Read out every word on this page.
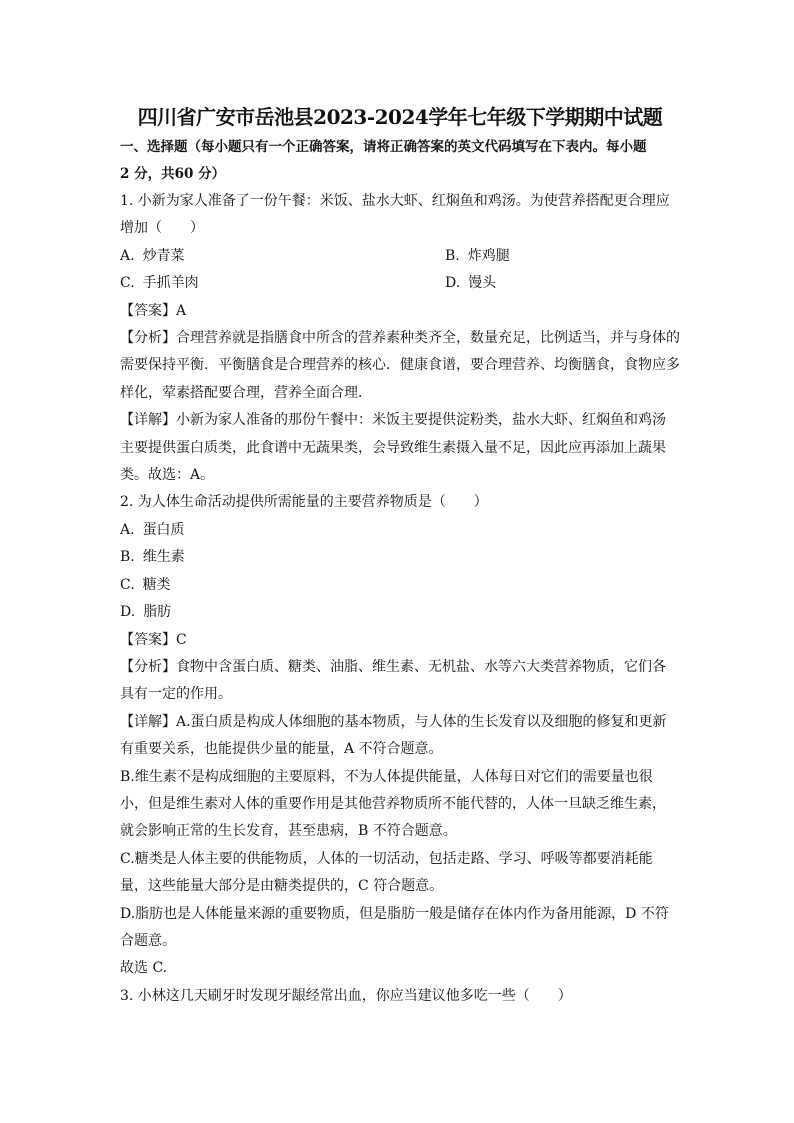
四川省广安市岳池县2023-2024学年七年级下学期期中试题

一、选择题（每小题只有一个正确答案，请将正确答案的英文代码填写在下表内。每小题

2 分，共60 分）

1. 小新为家人准备了一份午餐：米饭、盐水大虾、红焖鱼和鸡汤。为使营养搭配更合理应

增加（　　）

A. 炒青菜	B. 炸鸡腿
C. 手抓羊肉	D. 馒头

【答案】A

【分析】合理营养就是指膳食中所含的营养素种类齐全，数量充足，比例适当，并与身体的

需要保持平衡．平衡膳食是合理营养的核心．健康食谱，要合理营养、均衡膳食，食物应多

样化，荤素搭配要合理，营养全面合理．

【详解】小新为家人准备的那份午餐中：米饭主要提供淀粉类，盐水大虾、红焖鱼和鸡汤

主要提供蛋白质类，此食谱中无蔬果类，会导致维生素摄入量不足，因此应再添加上蔬果

类。故选：A。

2. 为人体生命活动提供所需能量的主要营养物质是（　　）

A. 蛋白质

B. 维生素

C. 糖类

D. 脂肪

【答案】C

【分析】食物中含蛋白质、糖类、油脂、维生素、无机盐、水等六大类营养物质，它们各

具有一定的作用。

【详解】A.蛋白质是构成人体细胞的基本物质，与人体的生长发育以及细胞的修复和更新

有重要关系，也能提供少量的能量，A 不符合题意。

B.维生素不是构成细胞的主要原料，不为人体提供能量，人体每日对它们的需要量也很

小，但是维生素对人体的重要作用是其他营养物质所不能代替的，人体一旦缺乏维生素，

就会影响正常的生长发育，甚至患病，B 不符合题意。

C.糖类是人体主要的供能物质，人体的一切活动，包括走路、学习、呼吸等都要消耗能

量，这些能量大部分是由糖类提供的，C 符合题意。

D.脂肪也是人体能量来源的重要物质，但是脂肪一般是储存在体内作为备用能源，D 不符

合题意。

故选 C.

3. 小林这几天刷牙时发现牙龈经常出血，你应当建议他多吃一些（　　）
